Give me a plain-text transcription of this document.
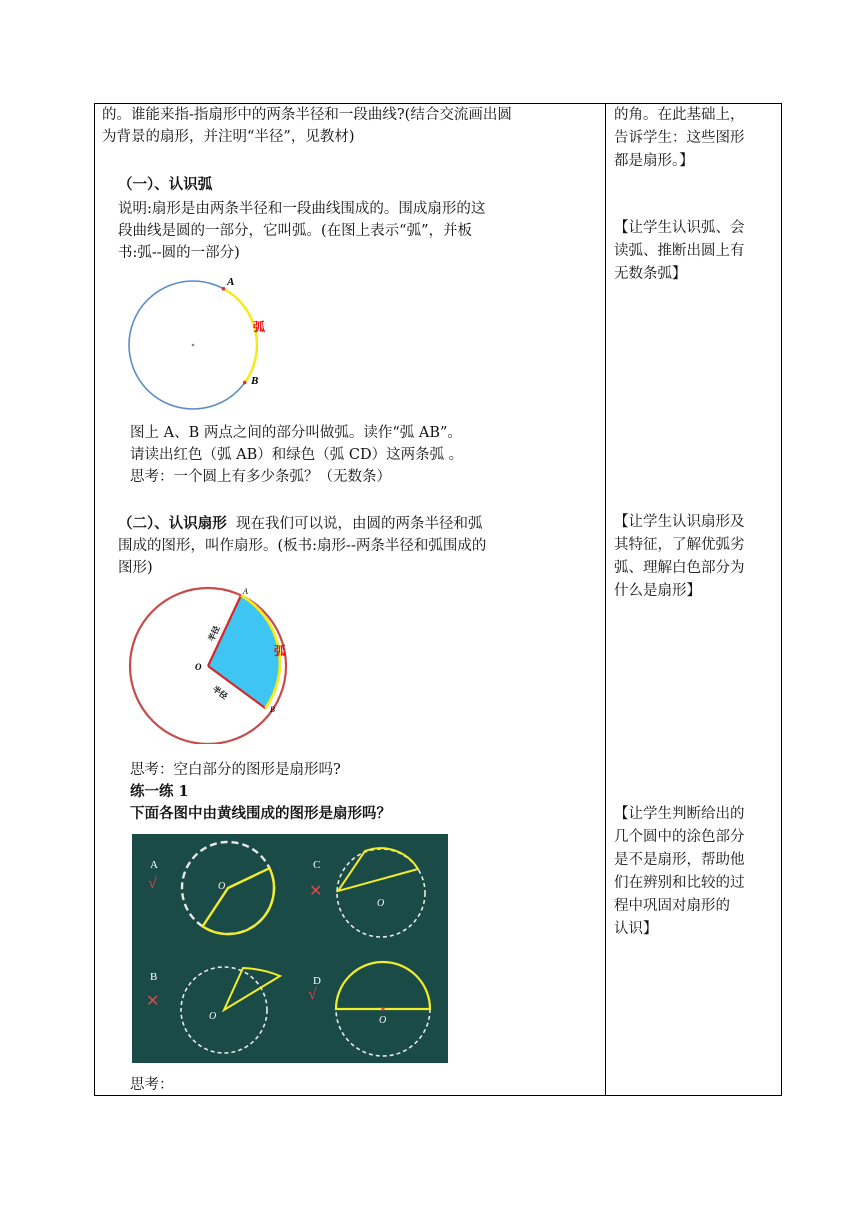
的。谁能来指-指扇形中的两条半径和一段曲线?(结合交流画出圆
为背景的扇形，并注明“半径”，见教材)
（一）、认识弧
说明:扇形是由两条半径和一段曲线围成的。围成扇形的这
段曲线是圆的一部分，它叫弧。(在图上表示“弧”，并板
书:弧--圆的一部分)
A
B
弧
图上 A、B 两点之间的部分叫做弧。读作“弧 AB”。
请读出红色（弧 AB）和绿色（弧 CD）这两条弧 。
思考：一个圆上有多少条弧？（无数条）
（二）、认识扇形 现在我们可以说，由圆的两条半径和弧
围成的图形，叫作扇形。(板书:扇形--两条半径和弧围成的
图形)
A
B
O
弧
半径
半径
思考：空白部分的图形是扇形吗?
练一练 1
下面各图中由黄线围成的图形是扇形吗？
A
√	O
C
✕
O
B
✕
O
D
√
O
思考：
的角。在此基础上，
告诉学生：这些图形
都是扇形。】
【让学生认识弧、会
读弧、推断出圆上有
无数条弧】
【让学生认识扇形及
其特征，了解优弧劣
弧、理解白色部分为
什么是扇形】
【让学生判断给出的
几个圆中的涂色部分
是不是扇形，帮助他
们在辨别和比较的过
程中巩固对扇形的
认识】
